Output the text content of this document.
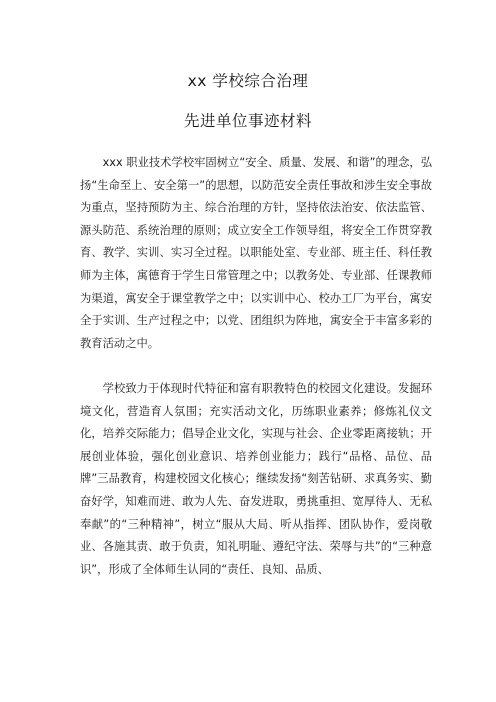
xx 学校综合治理
先进单位事迹材料

xxx 职业技术学校牢固树立“安全、质量、发展、和谐”的理念，弘扬“生命至上、安全第一”的思想，以防范安全责任事故和涉生安全事故为重点，坚持预防为主、综合治理的方针，坚持依法治安、依法监管、源头防范、系统治理的原则；成立安全工作领导组，将安全工作贯穿教育、教学、实训、实习全过程。以职能处室、专业部、班主任、科任教师为主体，寓德育于学生日常管理之中；以教务处、专业部、任课教师为渠道，寓安全于课堂教学之中；以实训中心、校办工厂为平台，寓安全于实训、生产过程之中；以党、团组织为阵地，寓安全于丰富多彩的教育活动之中。

学校致力于体现时代特征和富有职教特色的校园文化建设。发掘环境文化，营造育人氛围；充实活动文化，历练职业素养；修炼礼仪文化，培养交际能力；倡导企业文化，实现与社会、企业零距离接轨；开展创业体验，强化创业意识、培养创业能力；践行“品格、品位、品牌”三品教育，构建校园文化核心；继续发扬“刻苦钻研、求真务实、勤奋好学，知难而进、敢为人先、奋发进取，勇挑重担、宽厚待人、无私奉献”的“三种精神”，树立“服从大局、听从指挥、团队协作，爱岗敬业、各施其责、敢于负责，知礼明耻、遵纪守法、荣辱与共”的“三种意识”，形成了全体师生认同的“责任、良知、品质、
